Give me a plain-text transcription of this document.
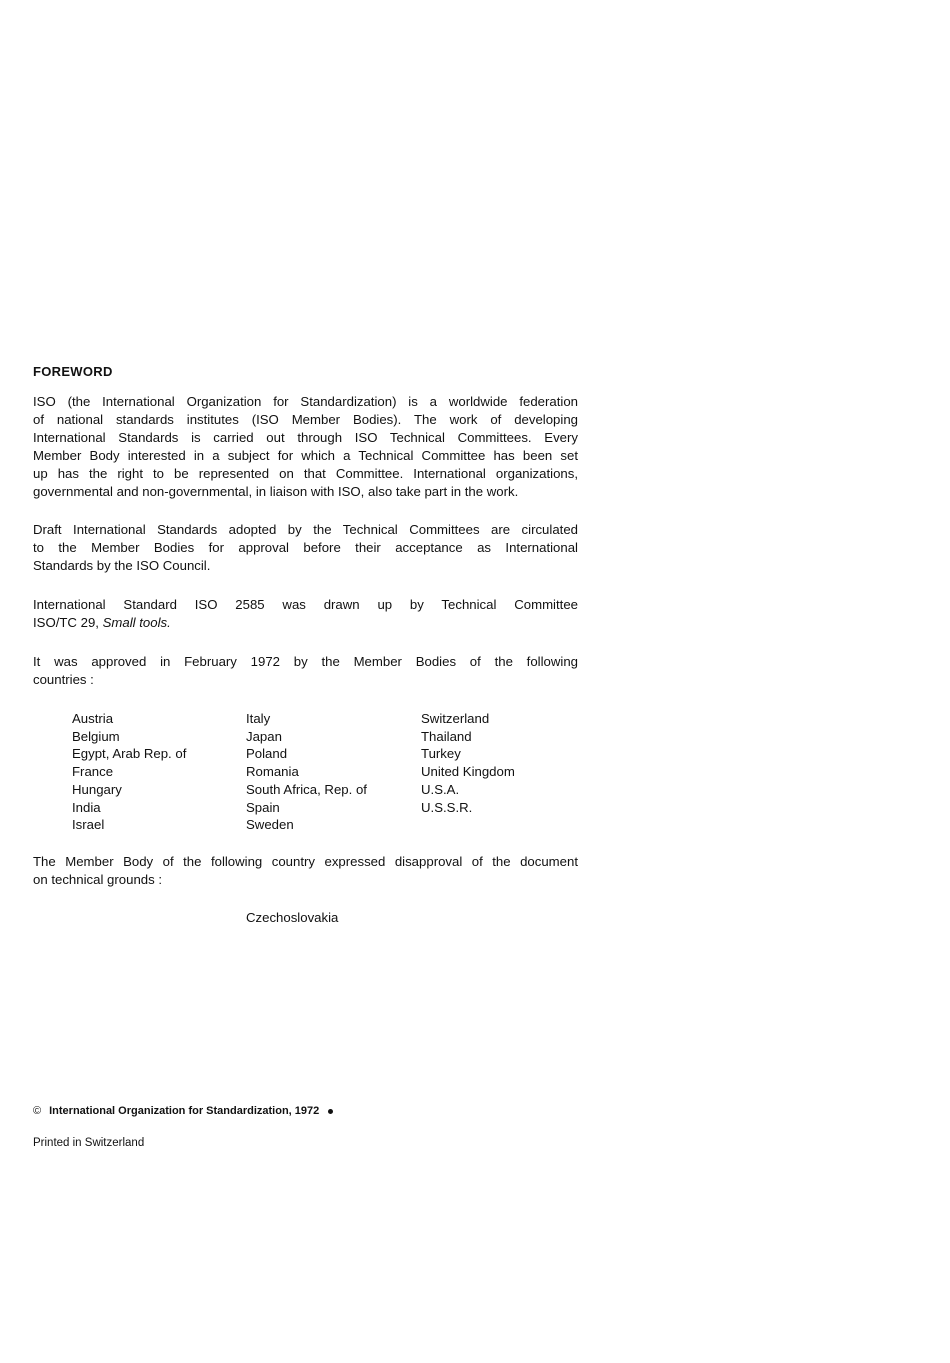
FOREWORD

ISO (the International Organization for Standardization) is a worldwide federation
of national standards institutes (ISO Member Bodies). The work of developing
International Standards is carried out through ISO Technical Committees. Every
Member Body interested in a subject for which a Technical Committee has been set
up has the right to be represented on that Committee. International organizations,
governmental and non-governmental, in liaison with ISO, also take part in the work.

Draft International Standards adopted by the Technical Committees are circulated
to the Member Bodies for approval before their acceptance as International
Standards by the ISO Council.

International Standard ISO 2585 was drawn up by Technical Committee
ISO/TC 29, Small tools.

It was approved in February 1972 by the Member Bodies of the following
countries :

Austria
Belgium
Egypt, Arab Rep. of
France
Hungary
India
Israel
Italy
Japan
Poland
Romania
South Africa, Rep. of
Spain
Sweden
Switzerland
Thailand
Turkey
United Kingdom
U.S.A.
U.S.S.R.

The Member Body of the following country expressed disapproval of the document
on technical grounds :

Czechoslovakia
© International Organization for Standardization, 1972
Printed in Switzerland
